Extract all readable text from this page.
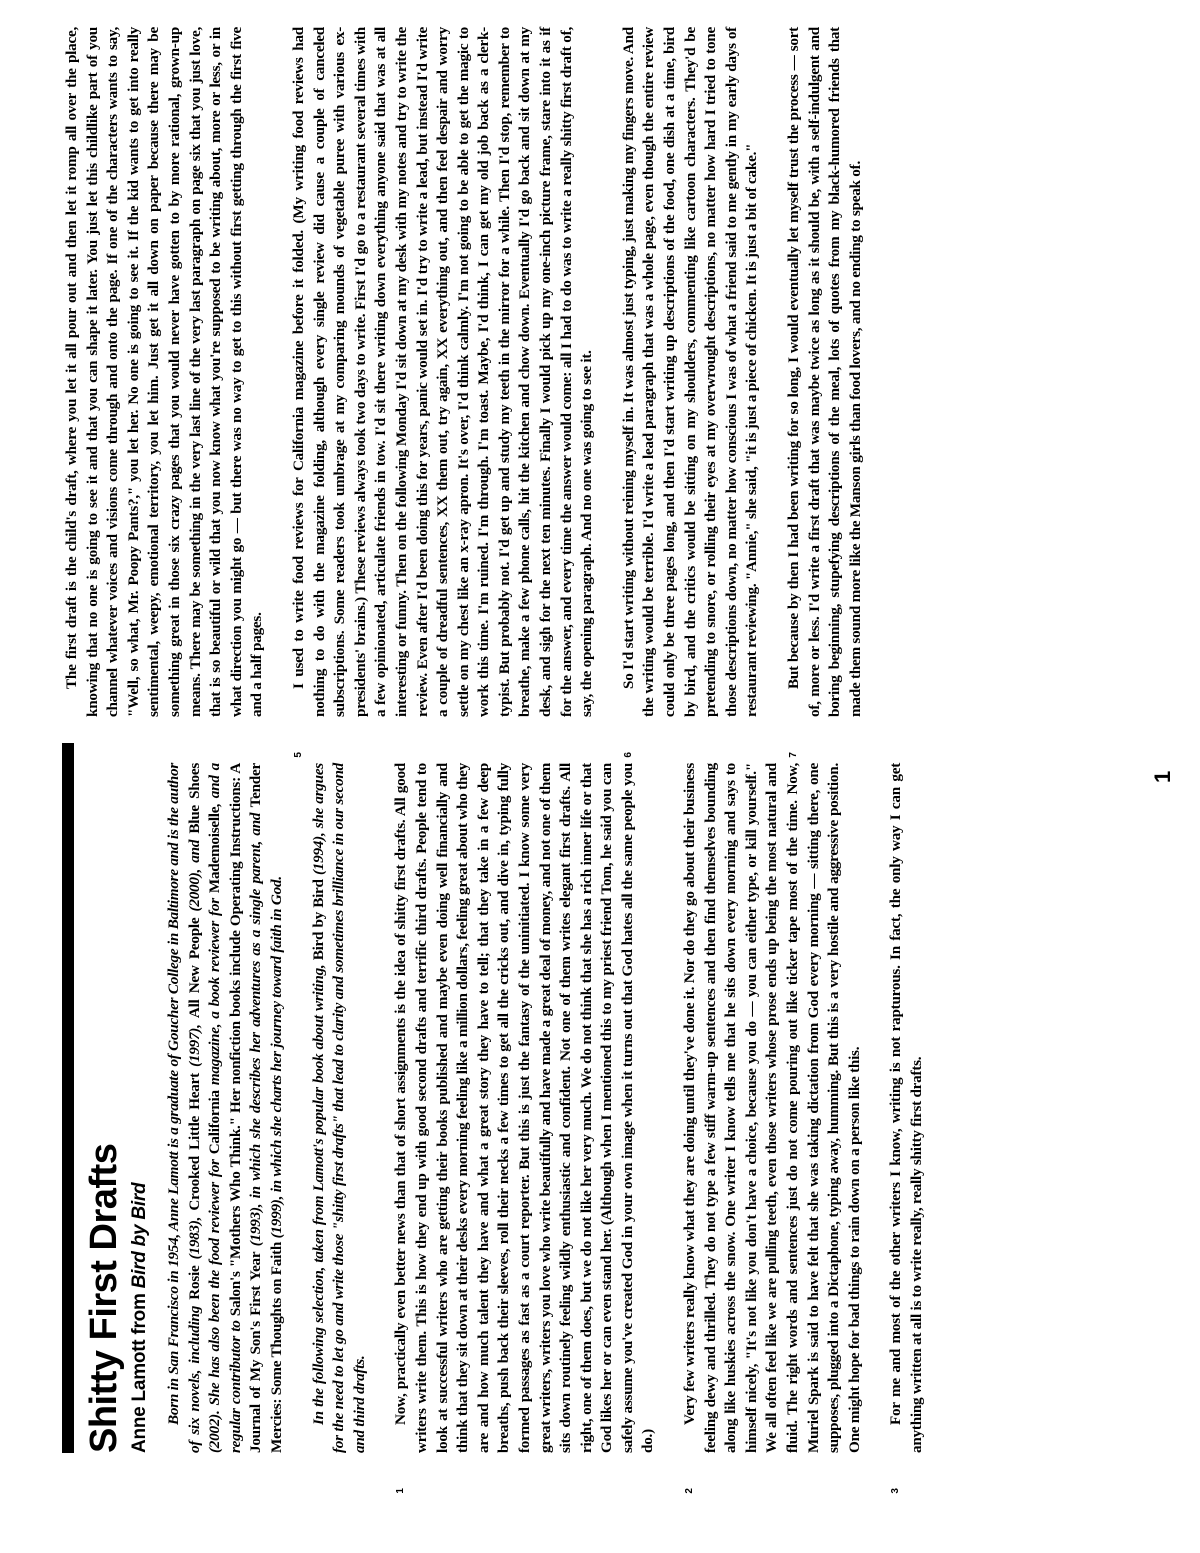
Shitty First Drafts Anne Lamott from Bird by Bird Born in San Francisco in 1954, Anne Lamott is a graduate of Goucher College in Baltimore and is the author of six novels, including Rosie (1983), Crooked Little Heart (1997), All New People (2000), and Blue Shoes (2002). She has also been the food reviewer for California magazine, a book reviewer for Mademoiselle, and a regular contributor to Salon's "Mothers Who Think." Her nonfiction books include Operating Instructions: A Journal of My Son's First Year (1993), in which she describes her adventures as a single parent, and Tender Mercies: Some Thoughts on Faith (1999), in which she charts her journey toward faith in God. In the following selection, taken from Lamott's popular book about writing, Bird by Bird (1994), she argues for the need to let go and write those "shitty first drafts" that lead to clarity and sometimes brilliance in our second and third drafts.
1
Now, practically even better news than that of short assignments is the idea of shitty first drafts. All good writers write them. This is how they end up with good second drafts and terrific third drafts. People tend to look at successful writers who are getting their books published and maybe even doing well financially and think that they sit down at their desks every morning feeling like a million dollars, feeling great about who they are and how much talent they have and what a great story they have to tell; that they take in a few deep breaths, push back their sleeves, roll their necks a few times to get all the cricks out, and dive in, typing fully formed passages as fast as a court reporter. But this is just the fantasy of the uninitiated. I know some very great writers, writers you love who write beautifully and have made a great deal of money, and not one of them sits down routinely feeling wildly enthusiastic and confident. Not one of them writes elegant first drafts. All right, one of them does, but we do not like her very much. We do not think that she has a rich inner life or that God likes her or can even stand her. (Although when I mentioned this to my priest friend Tom, he said you can safely assume you've created God in your own image when it turns out that God hates all the same people you do.)
2
Very few writers really know what they are doing until they've done it. Nor do they go about their business feeling dewy and thrilled. They do not type a few stiff warm-up sentences and then find themselves bounding along like huskies across the snow. One writer I know tells me that he sits down every morning and says to himself nicely, "It's not like you don't have a choice, because you do — you can either type, or kill yourself." We all often feel like we are pulling teeth, even those writers whose prose ends up being the most natural and fluid. The right words and sentences just do not come pouring out like ticker tape most of the time. Now, Muriel Spark is said to have felt that she was taking dictation from God every morning — sitting there, one supposes, plugged into a Dictaphone, typing away, humming. But this is a very hostile and aggressive position. One might hope for bad things to rain down on a person like this.
3
For me and most of the other writers I know, writing is not rapturous. In fact, the only way I can get anything written at all is to write really, really shitty first drafts.
4
The first draft is the child's draft, where you let it all pour out and then let it romp all over the place, knowing that no one is going to see it and that you can shape it later. You just let this childlike part of you channel whatever voices and visions come through and onto the page. If one of the characters wants to say, "Well, so what, Mr. Poopy Pants?," you let her. No one is going to see it. If the kid wants to get into really sentimental, weepy, emotional territory, you let him. Just get it all down on paper because there may be something great in those six crazy pages that you would never have gotten to by more rational, grown-up means. There may be something in the very last line of the very last paragraph on page six that you just love, that is so beautiful or wild that you now know what you're supposed to be writing about, more or less, or in what direction you might go — but there was no way to get to this without first getting through the first five and a half pages.
5
I used to write food reviews for California magazine before it folded. (My writing food reviews had nothing to do with the magazine folding, although every single review did cause a couple of canceled subscriptions. Some readers took umbrage at my comparing mounds of vegetable puree with various ex-presidents' brains.) These reviews always took two days to write. First I'd go to a restaurant several times with a few opinionated, articulate friends in tow. I'd sit there writing down everything anyone said that was at all interesting or funny. Then on the following Monday I'd sit down at my desk with my notes and try to write the review. Even after I'd been doing this for years, panic would set in. I'd try to write a lead, but instead I'd write a couple of dreadful sentences, XX them out, try again, XX everything out, and then feel despair and worry settle on my chest like an x-ray apron. It's over, I'd think calmly. I'm not going to be able to get the magic to work this time. I'm ruined. I'm through. I'm toast. Maybe, I'd think, I can get my old job back as a clerk-typist. But probably not. I'd get up and study my teeth in the mirror for a while. Then I'd stop, remember to breathe, make a few phone calls, hit the kitchen and chow down. Eventually I'd go back and sit down at my desk, and sigh for the next ten minutes. Finally I would pick up my one-inch picture frame, stare into it as if for the answer, and every time the answer would come: all I had to do was to write a really shitty first draft of, say, the opening paragraph. And no one was going to see it.
6
So I'd start writing without reining myself in. It was almost just typing, just making my fingers move. And the writing would be terrible. I'd write a lead paragraph that was a whole page, even though the entire review could only be three pages long, and then I'd start writing up descriptions of the food, one dish at a time, bird by bird, and the critics would be sitting on my shoulders, commenting like cartoon characters. They'd be pretending to snore, or rolling their eyes at my overwrought descriptions, no matter how hard I tried to tone those descriptions down, no matter how conscious I was of what a friend said to me gently in my early days of restaurant reviewing. "Annie," she said, "it is just a piece of chicken. It is just a bit of cake."
7
But because by then I had been writing for so long, I would eventually let myself trust the process — sort of, more or less. I'd write a first draft that was maybe twice as long as it should be, with a self-indulgent and boring beginning, stupefying descriptions of the meal, lots of quotes from my black-humored friends that made them sound more like the Manson girls than food lovers, and no ending to speak of.
1
